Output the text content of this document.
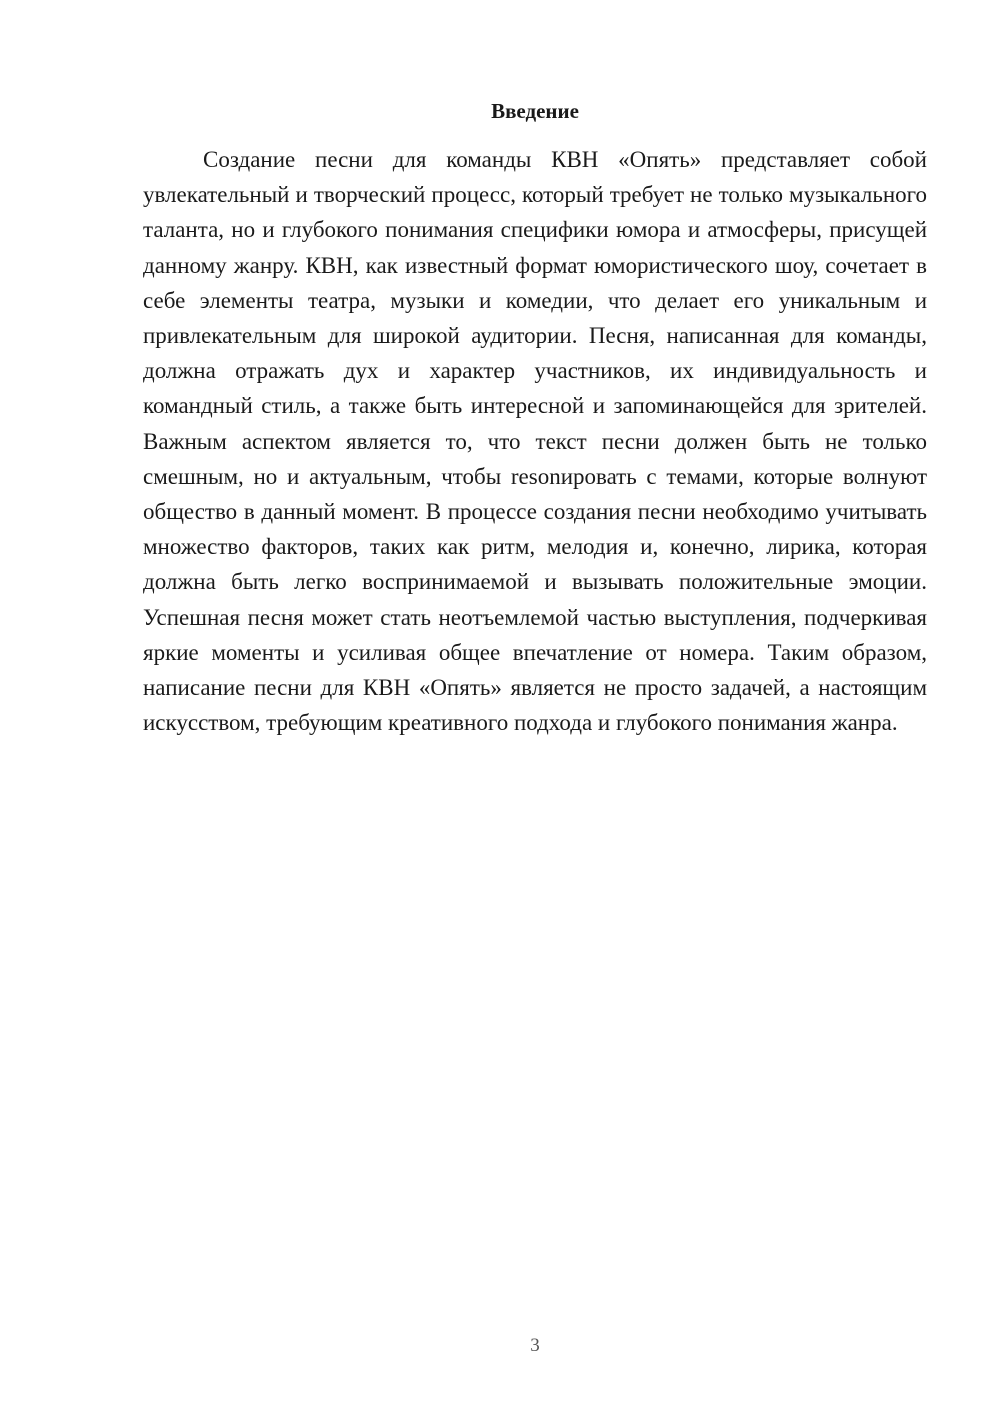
Введение

Создание песни для команды КВН «Опять» представляет собой увлекательный и творческий процесс, который требует не только музыкального таланта, но и глубокого понимания специфики юмора и атмосферы, присущей данному жанру. КВН, как известный формат юмористического шоу, сочетает в себе элементы театра, музыки и комедии, что делает его уникальным и привлекательным для широкой аудитории. Песня, написанная для команды, должна отражать дух и характер участников, их индивидуальность и командный стиль, а также быть интересной и запоминающейся для зрителей. Важным аспектом является то, что текст песни должен быть не только смешным, но и актуальным, чтобы resonировать с темами, которые волнуют общество в данный момент. В процессе создания песни необходимо учитывать множество факторов, таких как ритм, мелодия и, конечно, лирика, которая должна быть легко воспринимаемой и вызывать положительные эмоции. Успешная песня может стать неотъемлемой частью выступления, подчеркивая яркие моменты и усиливая общее впечатление от номера. Таким образом, написание песни для КВН «Опять» является не просто задачей, а настоящим искусством, требующим креативного подхода и глубокого понимания жанра.

3
